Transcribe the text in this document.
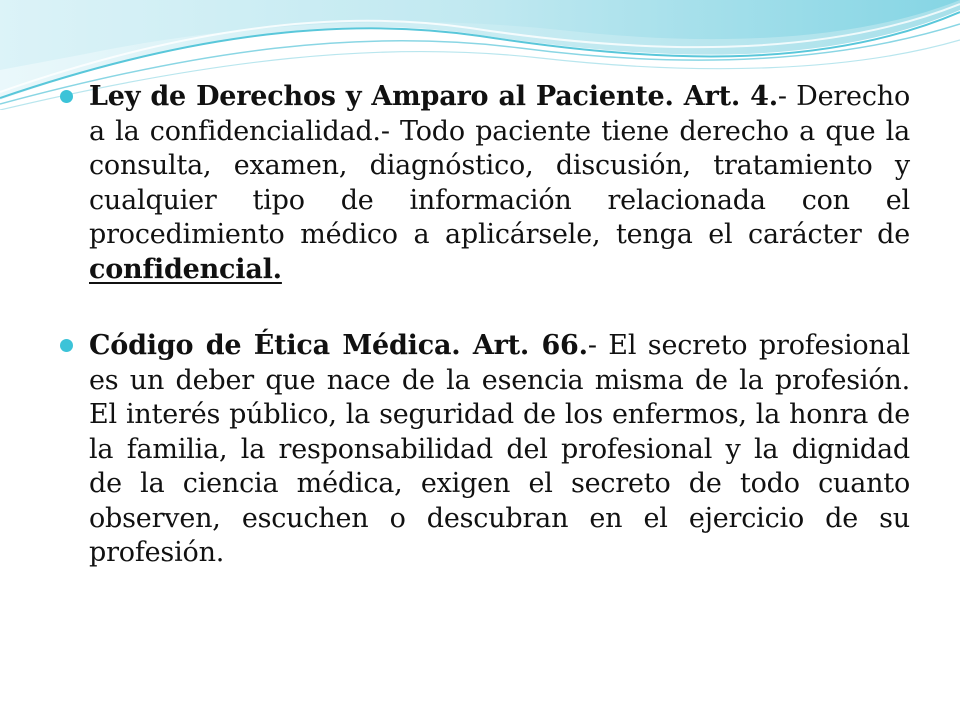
Ley de Derechos y Amparo al Paciente. Art. 4.- Derecho a la confidencialidad.- Todo paciente tiene derecho a que la consulta, examen, diagnóstico, discusión, tratamiento y cualquier tipo de información relacionada con el procedimiento médico a aplicársele, tenga el carácter de confidencial.

Código de Ética Médica. Art. 66.- El secreto profesional es un deber que nace de la esencia misma de la profesión. El interés público, la seguridad de los enfermos, la honra de la familia, la responsabilidad del profesional y la dignidad de la ciencia médica, exigen el secreto de todo cuanto observen, escuchen o descubran en el ejercicio de su profesión.
